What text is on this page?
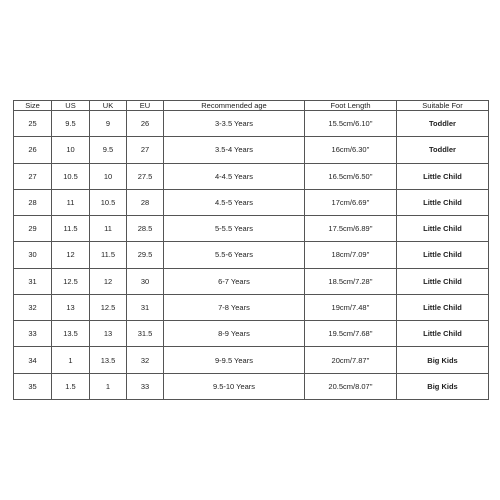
Size	US	UK	EU	Recommended age	Foot Length	Suitable For
25	9.5	9	26	3-3.5 Years	15.5cm/6.10''	Toddler
26	10	9.5	27	3.5-4 Years	16cm/6.30''	Toddler
27	10.5	10	27.5	4-4.5 Years	16.5cm/6.50''	Little Child
28	11	10.5	28	4.5-5 Years	17cm/6.69''	Little Child
29	11.5	11	28.5	5-5.5 Years	17.5cm/6.89''	Little Child
30	12	11.5	29.5	5.5-6 Years	18cm/7.09''	Little Child
31	12.5	12	30	6-7 Years	18.5cm/7.28''	Little Child
32	13	12.5	31	7-8 Years	19cm/7.48''	Little Child
33	13.5	13	31.5	8-9 Years	19.5cm/7.68''	Little Child
34	1	13.5	32	9-9.5 Years	20cm/7.87''	Big Kids
35	1.5	1	33	9.5-10 Years	20.5cm/8.07''	Big Kids
